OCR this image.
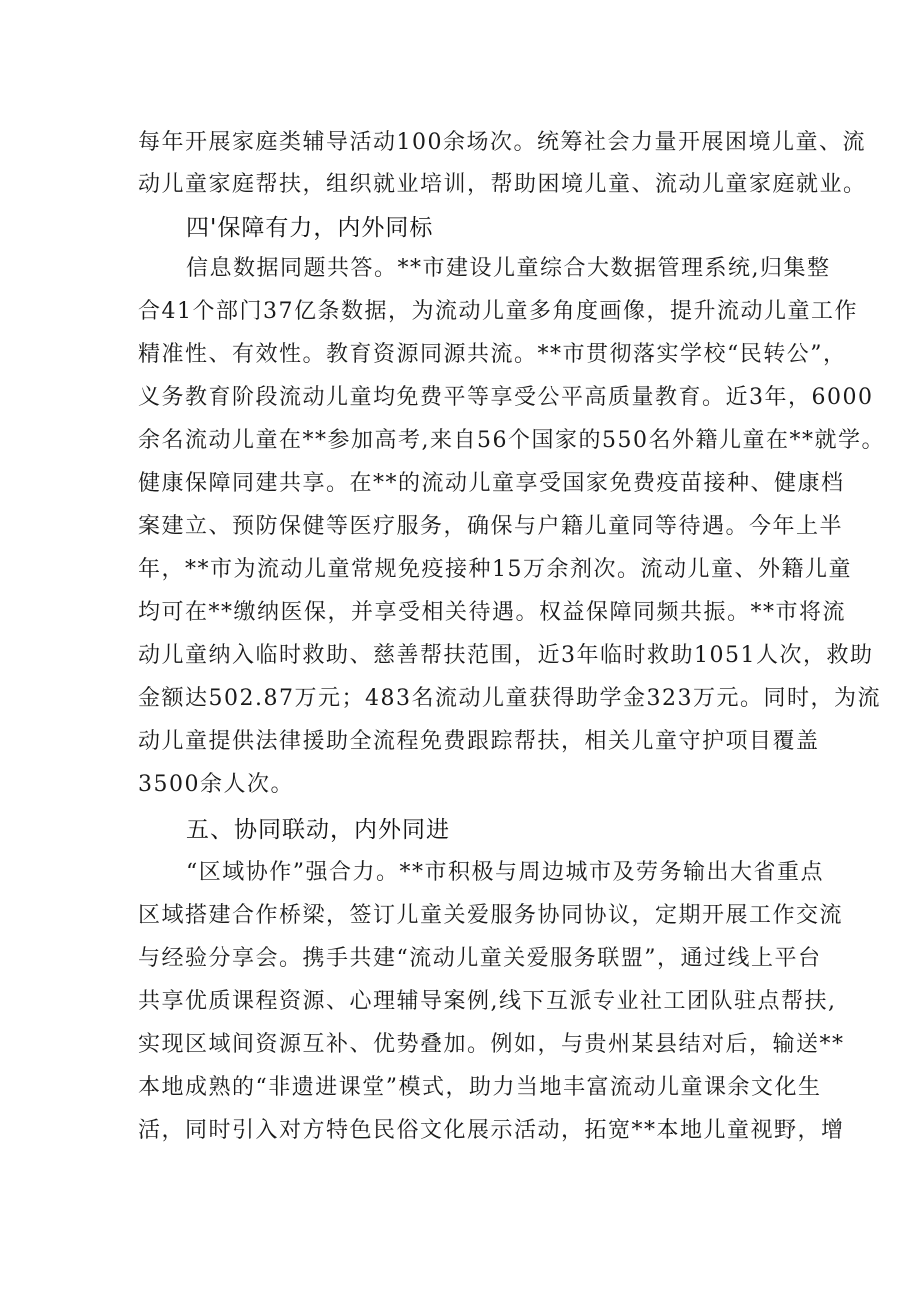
每年开展家庭类辅导活动100余场次。统筹社会力量开展困境儿童、流
动儿童家庭帮扶，组织就业培训，帮助困境儿童、流动儿童家庭就业。
四'保障有力，内外同标
信息数据同题共答。**市建设儿童综合大数据管理系统,归集整
合41个部门37亿条数据，为流动儿童多角度画像，提升流动儿童工作
精准性、有效性。教育资源同源共流。**市贯彻落实学校“民转公”，
义务教育阶段流动儿童均免费平等享受公平高质量教育。近3年，6000
余名流动儿童在**参加高考,来自56个国家的550名外籍儿童在**就学。
健康保障同建共享。在**的流动儿童享受国家免费疫苗接种、健康档
案建立、预防保健等医疗服务，确保与户籍儿童同等待遇。今年上半
年，**市为流动儿童常规免疫接种15万余剂次。流动儿童、外籍儿童
均可在**缴纳医保，并享受相关待遇。权益保障同频共振。**市将流
动儿童纳入临时救助、慈善帮扶范围，近3年临时救助1051人次，救助
金额达502.87万元；483名流动儿童获得助学金323万元。同时，为流
动儿童提供法律援助全流程免费跟踪帮扶，相关儿童守护项目覆盖
3500余人次。
五、协同联动，内外同进
“区域协作”强合力。**市积极与周边城市及劳务输出大省重点
区域搭建合作桥梁，签订儿童关爱服务协同协议，定期开展工作交流
与经验分享会。携手共建“流动儿童关爱服务联盟”，通过线上平台
共享优质课程资源、心理辅导案例,线下互派专业社工团队驻点帮扶,
实现区域间资源互补、优势叠加。例如，与贵州某县结对后，输送**
本地成熟的“非遗进课堂”模式，助力当地丰富流动儿童课余文化生
活，同时引入对方特色民俗文化展示活动，拓宽**本地儿童视野，增
